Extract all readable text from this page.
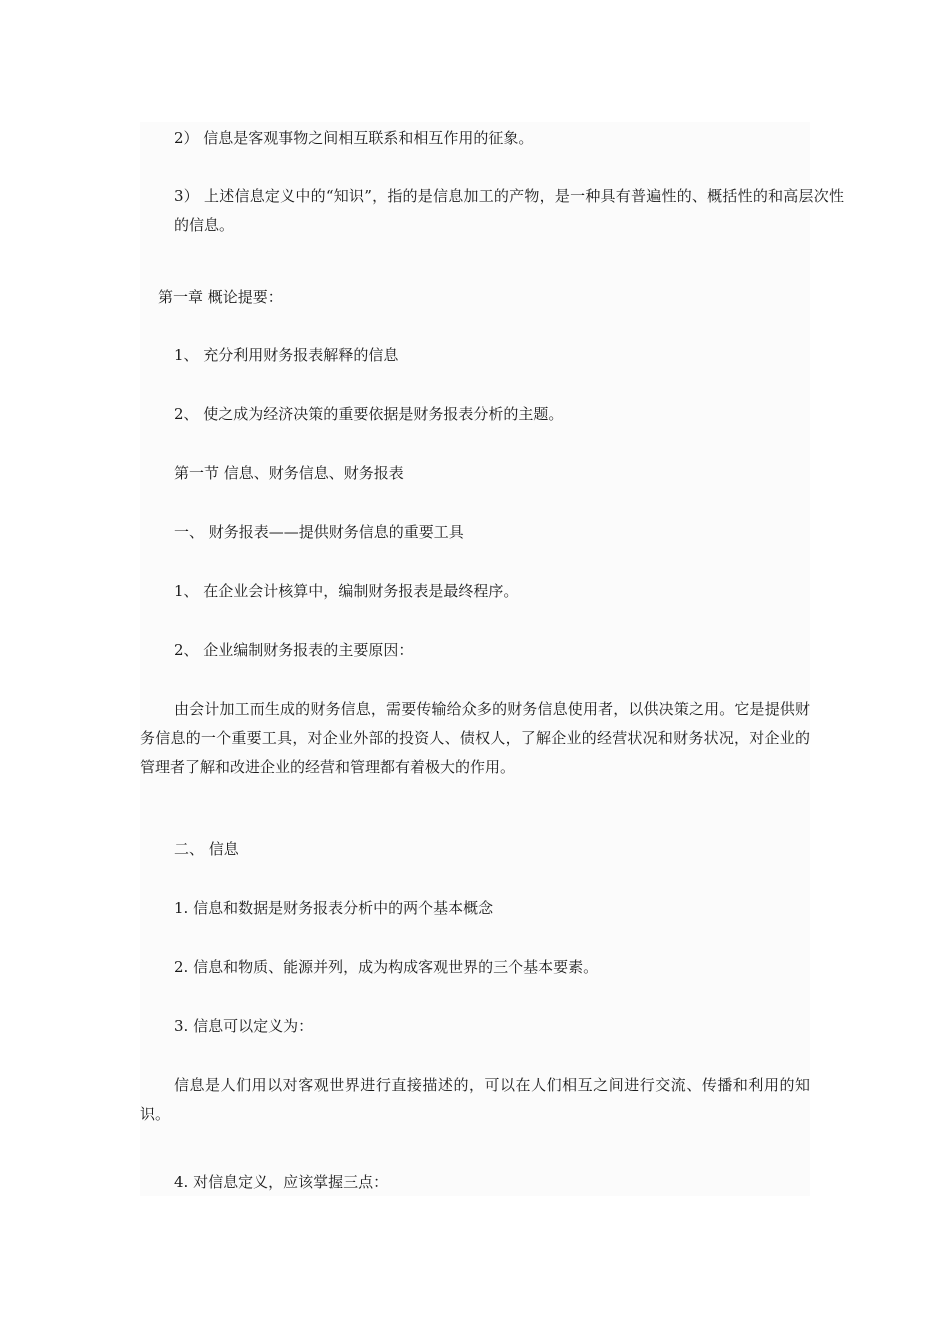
2） 信息是客观事物之间相互联系和相互作用的征象。
3） 上述信息定义中的“知识”，指的是信息加工的产物，是一种具有普遍性的、概括性的和高层次性的信息。
第一章 概论提要：
1、 充分利用财务报表解释的信息
2、 使之成为经济决策的重要依据是财务报表分析的主题。
第一节 信息、财务信息、财务报表
一、 财务报表——提供财务信息的重要工具
1、 在企业会计核算中，编制财务报表是最终程序。
2、 企业编制财务报表的主要原因：
由会计加工而生成的财务信息，需要传输给众多的财务信息使用者，以供决策之用。它是提供财务信息的一个重要工具，对企业外部的投资人、债权人，了解企业的经营状况和财务状况，对企业的管理者了解和改进企业的经营和管理都有着极大的作用。
二、 信息
1. 信息和数据是财务报表分析中的两个基本概念
2. 信息和物质、能源并列，成为构成客观世界的三个基本要素。
3. 信息可以定义为：
信息是人们用以对客观世界进行直接描述的，可以在人们相互之间进行交流、传播和利用的知识。
4. 对信息定义，应该掌握三点：
